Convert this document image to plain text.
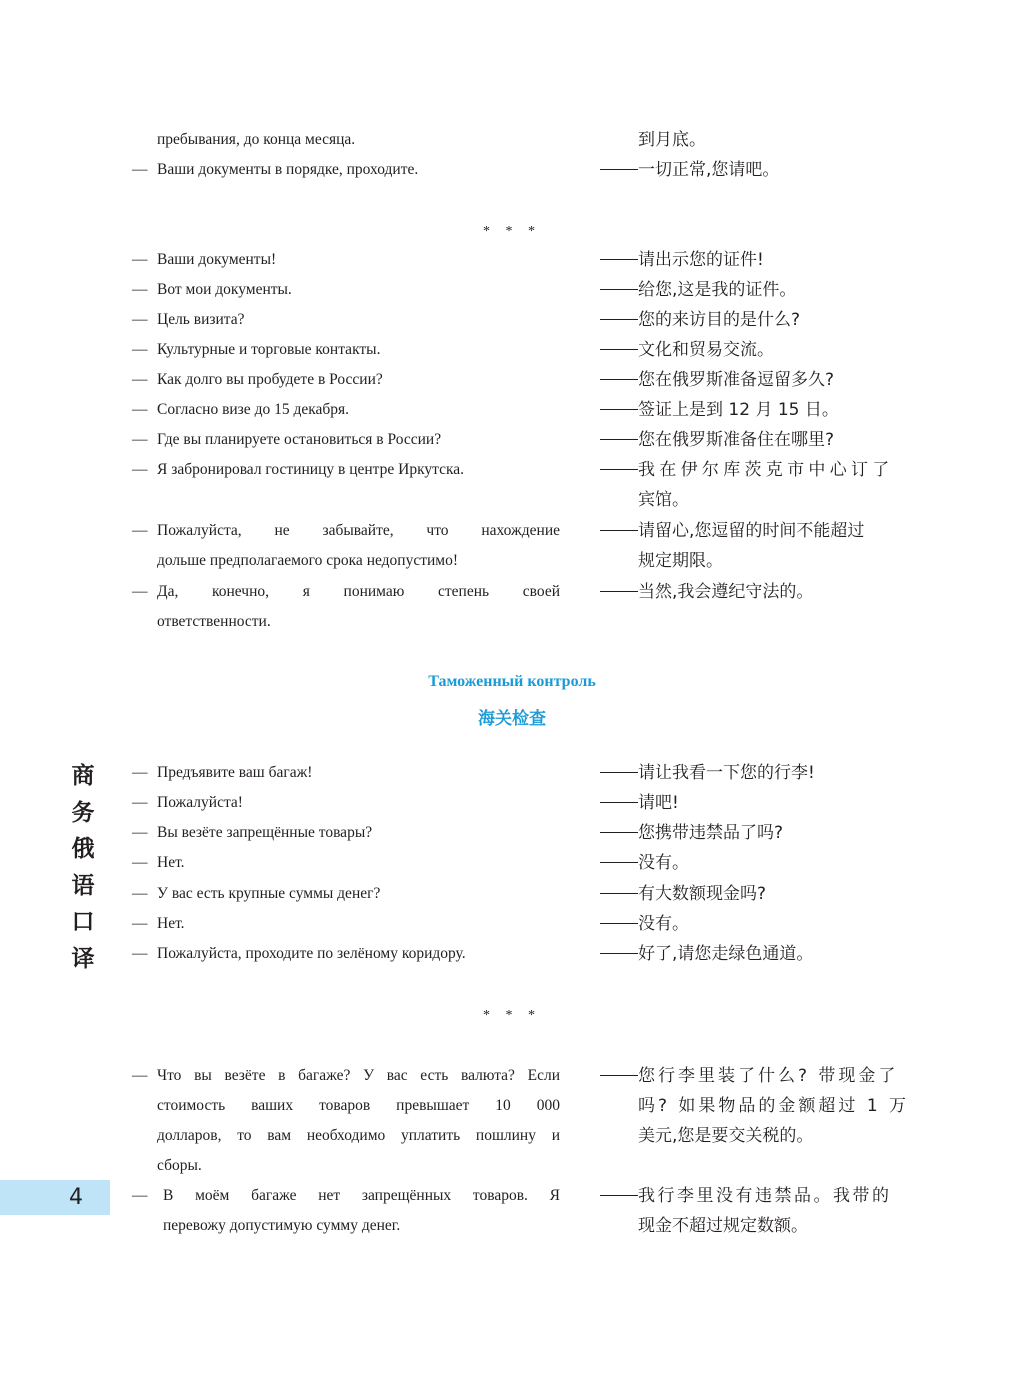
商
务
俄
语
口
译
4
пребывания, до конца месяца.	到月底。
— Ваши документы в порядке, проходите.	一切正常,您请吧。
* * *
— Ваши документы!	请出示您的证件!
— Вот мои документы.	给您,这是我的证件。
— Цель визита?	您的来访目的是什么?
— Культурные и торговые контакты.	文化和贸易交流。
— Как долго вы пробудете в России?	您在俄罗斯准备逗留多久?
— Согласно визе до 15 декабря.	签证上是到 12 月 15 日。
— Где вы планируете остановиться в России?	您在俄罗斯准备住在哪里?
— Я забронировал гостиницу в центре Иркутска.	我在伊尔库茨克市中心订了
宾馆。
— Пожалуйста, не забывайте, что нахождение	请留心,您逗留的时间不能超过
дольше предполагаемого срока недопустимо!	规定期限。
— Да, конечно, я понимаю степень своей	当然,我会遵纪守法的。
ответственности.
Таможенный контроль
海关检查
— Предъявите ваш багаж!	请让我看一下您的行李!
— Пожалуйста!	请吧!
— Вы везёте запрещённые товары?	您携带违禁品了吗?
— Нет.	没有。
— У вас есть крупные суммы денег?	有大数额现金吗?
— Нет.	没有。
— Пожалуйста, проходите по зелёному коридору.	好了,请您走绿色通道。
* * *
— Что вы везёте в багаже? У вас есть валюта? Если	您行李里装了什么? 带现金了
стоимость ваших товаров превышает 10 000	吗? 如果物品的金额超过 1 万
долларов, то вам необходимо уплатить пошлину и	美元,您是要交关税的。
сборы.
— В моём багаже нет запрещённых товаров. Я	我行李里没有违禁品。我带的
перевожу допустимую сумму денег.	现金不超过规定数额。
